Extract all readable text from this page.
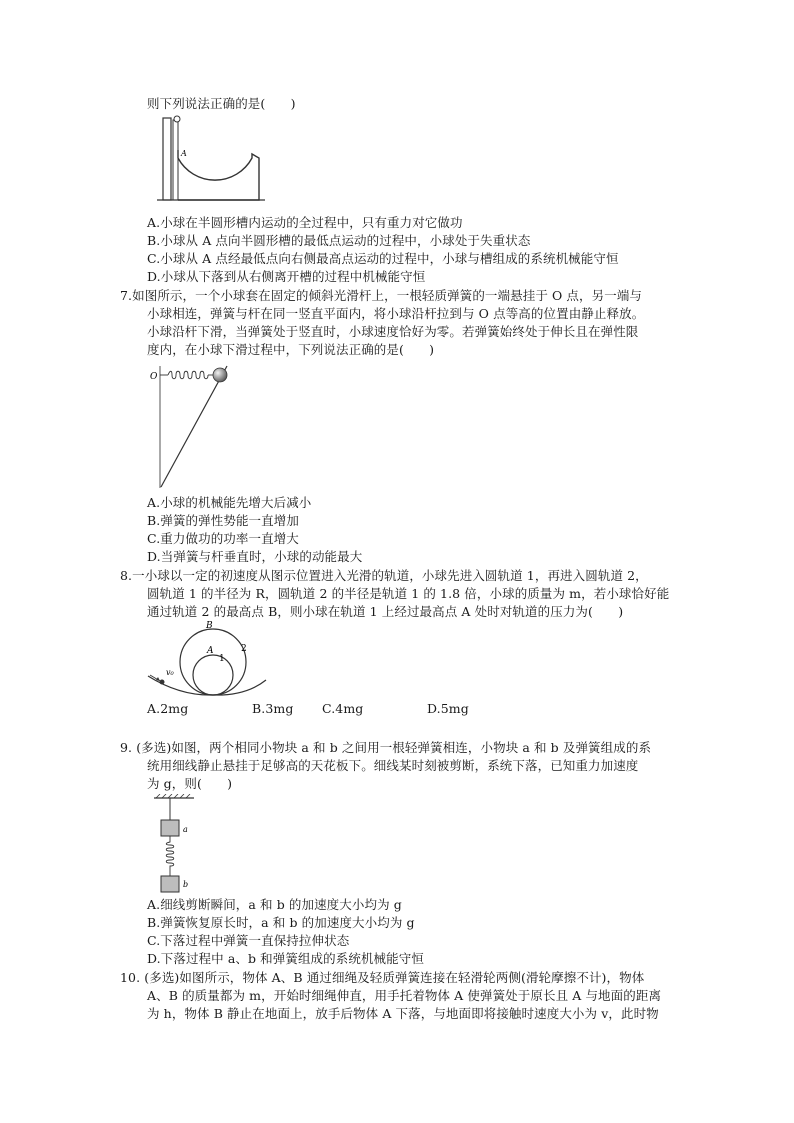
则下列说法正确的是(　　)
A
A.小球在半圆形槽内运动的全过程中，只有重力对它做功
B.小球从 A 点向半圆形槽的最低点运动的过程中，小球处于失重状态
C.小球从 A 点经最低点向右侧最高点运动的过程中，小球与槽组成的系统机械能守恒
D.小球从下落到从右侧离开槽的过程中机械能守恒
7.如图所示，一个小球套在固定的倾斜光滑杆上，一根轻质弹簧的一端悬挂于 O 点，另一端与
小球相连，弹簧与杆在同一竖直平面内，将小球沿杆拉到与 O 点等高的位置由静止释放。
小球沿杆下滑，当弹簧处于竖直时，小球速度恰好为零。若弹簧始终处于伸长且在弹性限
度内，在小球下滑过程中，下列说法正确的是(　　)
O
A.小球的机械能先增大后减小
B.弹簧的弹性势能一直增加
C.重力做功的功率一直增大
D.当弹簧与杆垂直时，小球的动能最大
8.一小球以一定的初速度从图示位置进入光滑的轨道，小球先进入圆轨道 1，再进入圆轨道 2，
圆轨道 1 的半径为 R，圆轨道 2 的半径是轨道 1 的 1.8 倍，小球的质量为 m，若小球恰好能
通过轨道 2 的最高点 B，则小球在轨道 1 上经过最高点 A 处时对轨道的压力为(　　)
v₀
B
A
1
2
A.2mg	B.3mg C.4mg	D.5mg
9. (多选)如图，两个相同小物块 a 和 b 之间用一根轻弹簧相连，小物块 a 和 b 及弹簧组成的系
统用细线静止悬挂于足够高的天花板下。细线某时刻被剪断，系统下落，已知重力加速度
为 g，则(　　)
a
b
A.细线剪断瞬间，a 和 b 的加速度大小均为 g
B.弹簧恢复原长时，a 和 b 的加速度大小均为 g
C.下落过程中弹簧一直保持拉伸状态
D.下落过程中 a、b 和弹簧组成的系统机械能守恒
10. (多选)如图所示，物体 A、B 通过细绳及轻质弹簧连接在轻滑轮两侧(滑轮摩擦不计)，物体
A、B 的质量都为 m，开始时细绳伸直，用手托着物体 A 使弹簧处于原长且 A 与地面的距离
为 h，物体 B 静止在地面上，放手后物体 A 下落，与地面即将接触时速度大小为 v，此时物
